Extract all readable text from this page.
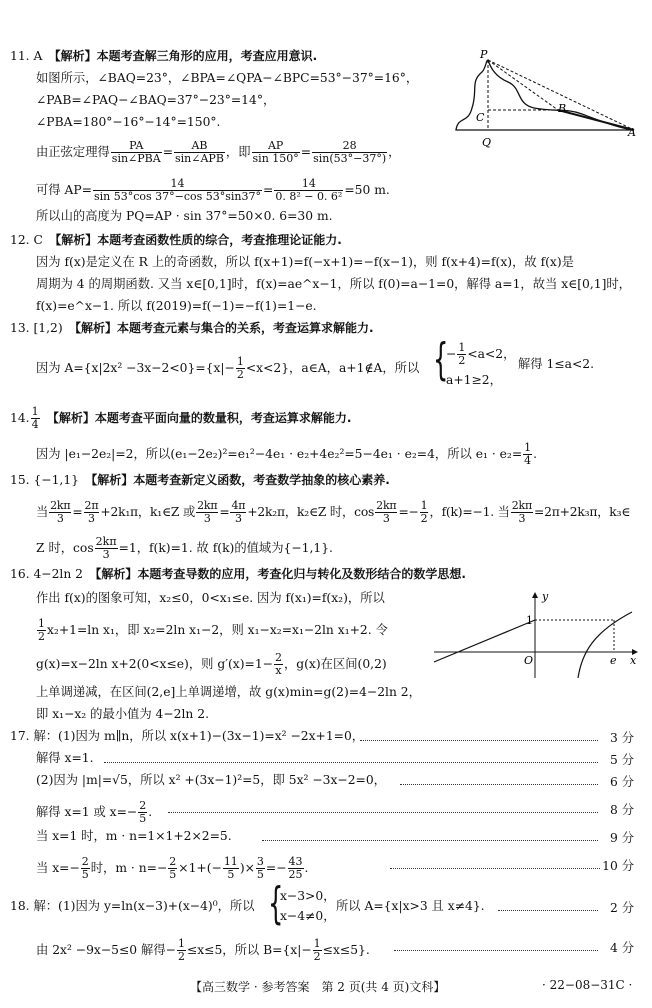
11. A　 【解析】本题考查解三角形的应用，考查应用意识.
如图所示，∠BAQ=23°，∠BPA=∠QPA−∠BPC=53°−37°=16°，
∠PAB=∠PAQ−∠BAQ=37°−23°=14°，
∠PBA=180°−16°−14°=150°.
由正弦定理得	PA
sin∠PBA =	AB
sin∠APB ，即 $\frac{AP}{\sin 150^\circ} = \frac{28}{\sin(53^\circ-37^\circ)}$ ，
可得 $AP= \frac{14}{\sin 53^\circ\cos 37^\circ-\cos 53^\circ\sin 37^\circ} = \frac{14}{\text{0. 8² − 0. 6²}} =50$ m.
所以山的高度为 PQ=AP · sin 37°=50×0. 6=30 m.
P
B
C
Q
A
12. C　 【解析】本题考查函数性质的综合，考查推理论证能力.
因为 f(x)是定义在 R 上的奇函数，所以 f(x+1)=f(−x+1)=−f(x−1)，则 f(x+4)=f(x)，故 f(x)是
周期为 4 的周期函数. 又当 x∈[0,1]时，f(x)=ae^x−1，所以 f(0)=a−1=0，解得 a=1，故当 x∈[0,1]时，
f(x)=e^x−1. 所以 f(2019)=f(−1)=−f(1)=1−e.
13. [1,2)　 【解析】本题考查元素与集合的关系，考查运算求解能力.
因为 $A=\{x|2x^2 -3x-2<0\}=\{x|- \frac{1}{2} <x<2\}$，a∈A，a+1∉A，所以 {
− $\frac{1}{2} <a<2$，
a+1≥2，
解得 1≤a<2.
14. $\frac{1}{4}$
　 【解析】本题考查平面向量的数量积，考查运算求解能力.
因为 |e₁−2e₂|=2，所以(e₁−2e₂)²=e₁²−4e₁ · e₂+4e₂²=5−4e₁ · e₂=4，所以 $e_1 \cdot e_2= \frac{1}{4}$ .
15. {−1,1}　 【解析】本题考查新定义函数，考查数学抽象的核心素养.
当 $\frac{2k\pi}{3} = \frac{2\pi}{3} +2k_1\pi$，k₁∈Z 或 $\frac{2k\pi}{3} = \frac{4\pi}{3} +2k_2\pi$，k₂∈Z 时，$\cos \frac{2k\pi}{3} =- \frac{1}{2}$ ，f(k)=−1. 当 $\frac{2k\pi}{3} =2\pi+2k_3\pi$，k₃∈
Z 时，$\cos \frac{2k\pi}{3} =1$，f(k)=1. 故 f(k)的值域为{−1,1}.
16. 4−2ln 2　 【解析】本题考查导数的应用，考查化归与转化及数形结合的数学思想.
作出 f(x)的图象可知，x₂≤0，0<x₁≤e. 因为 f(x₁)=f(x₂)，所以
$\frac{1}{2} x_2+1=\ln$ x₁，即 x₂=2ln x₁−2，则 x₁−x₂=x₁−2ln x₁+2. 令
g(x)=x−2ln x+2(0<x≤e)，则 $g'(x)=1- \frac{2}{x}$ ，g(x)在区间(0,2)
上单调递减，在区间(2,e]上单调递增，故 g(x)min=g(2)=4−2ln 2，
即 x₁−x₂ 的最小值为 4−2ln 2.
y
1
O	e x
17. 解：(1)因为 m∥n，所以 x(x+1)−(3x−1)=x² −2x+1=0，	3 分
解得 x=1.	5 分
(2)因为 |m|=√5，所以 x² +(3x−1)²=5，即 5x² −3x−2=0，	6 分
解得 x=1 或 $x=- \frac{2}{5}$ .	8 分
当 x=1 时，m · n=1×1+2×2=5.	9 分
当 $x=- \frac{2}{5}$ 时，$m \cdot n=- \frac{2}{5} \times 1+(- \frac{11}{5}$ )× $\frac{3}{5} =- \frac{43}{25}$ .	10 分
18. 解：(1)因为 y=ln(x−3)+(x−4)⁰，所以 {
x−3>0，
x−4≠0，
所以 A={x|x>3 且 x≠4}.	2 分
由 2x² −9x−5≤0 解得− $\frac{1}{2} \le x\le 5$，所以 $B=\{x|- \frac{1}{2} \le x\le 5\}$.	4 分
【高三数学 · 参考答案　第 2 页(共 4 页)文科】	· 22−08−31C ·
